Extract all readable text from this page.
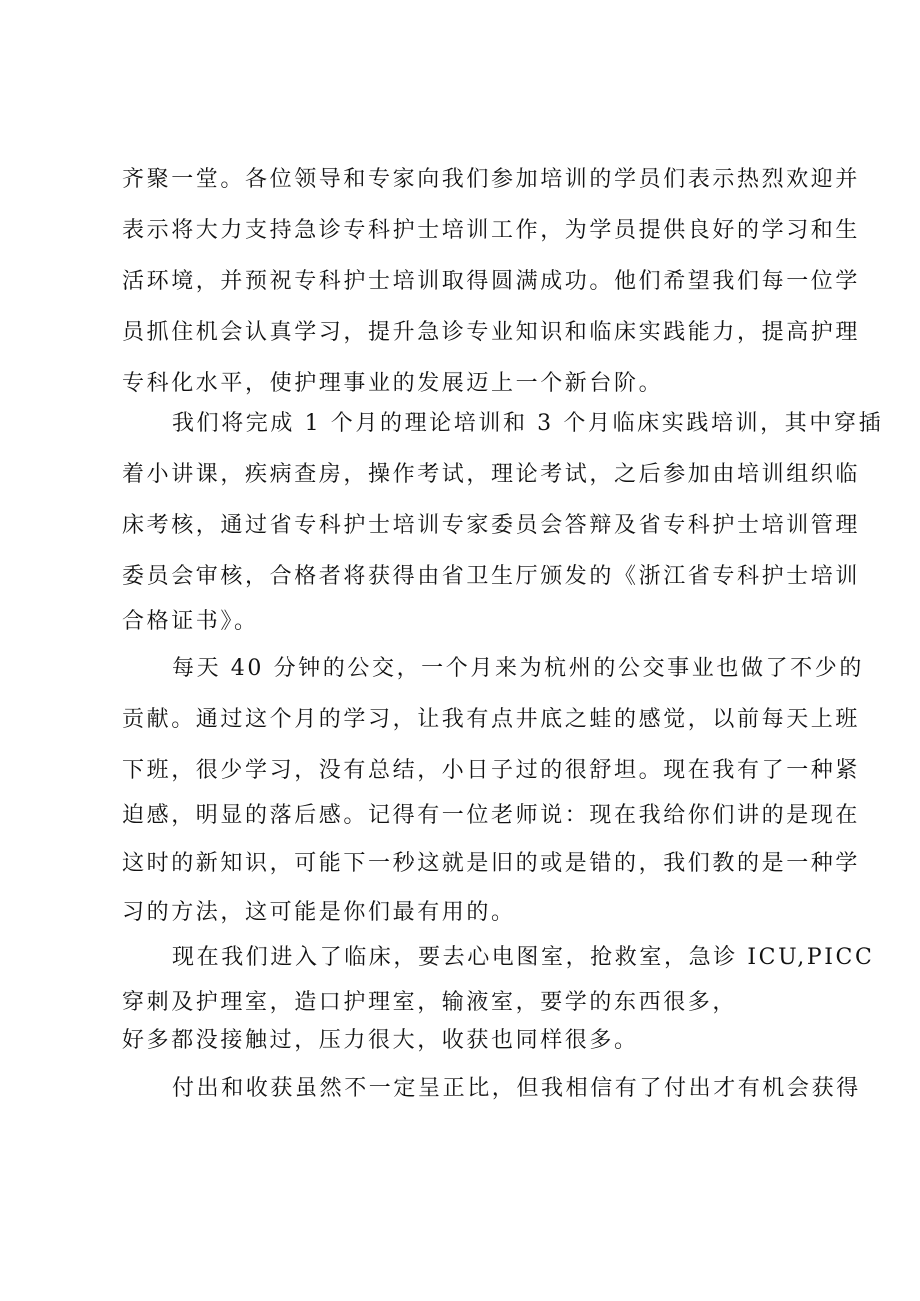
齐聚一堂。各位领导和专家向我们参加培训的学员们表示热烈欢迎并
表示将大力支持急诊专科护士培训工作，为学员提供良好的学习和生
活环境，并预祝专科护士培训取得圆满成功。他们希望我们每一位学
员抓住机会认真学习，提升急诊专业知识和临床实践能力，提高护理
专科化水平，使护理事业的发展迈上一个新台阶。
我们将完成 1 个月的理论培训和 3 个月临床实践培训，其中穿插
着小讲课，疾病查房，操作考试，理论考试，之后参加由培训组织临
床考核，通过省专科护士培训专家委员会答辩及省专科护士培训管理
委员会审核，合格者将获得由省卫生厅颁发的《浙江省专科护士培训
合格证书》。
每天 40 分钟的公交，一个月来为杭州的公交事业也做了不少的
贡献。通过这个月的学习，让我有点井底之蛙的感觉，以前每天上班
下班，很少学习，没有总结，小日子过的很舒坦。现在我有了一种紧
迫感，明显的落后感。记得有一位老师说：现在我给你们讲的是现在
这时的新知识，可能下一秒这就是旧的或是错的，我们教的是一种学
习的方法，这可能是你们最有用的。
现在我们进入了临床，要去心电图室，抢救室，急诊 ICU,PICC
穿刺及护理室，造口护理室，输液室，要学的东西很多，
好多都没接触过，压力很大，收获也同样很多。
付出和收获虽然不一定呈正比，但我相信有了付出才有机会获得
